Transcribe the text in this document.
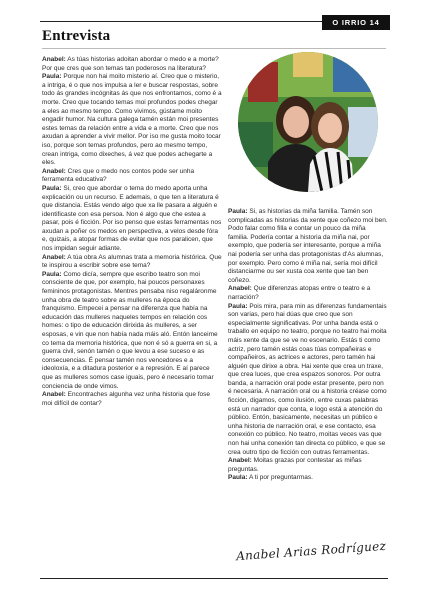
O IRRIO 14
Entrevista

Anabel: As túas historias adoitan abordar o medo e a morte? Por que cres que son temas tan poderosos na literatura?

Paula: Porque non hai moito misterio aí. Creo que o misterio, a intriga, é o que nos impulsa a ler e buscar respostas, sobre todo ás grandes incógnitas ás que nos enfrontamos, como é a morte. Creo que tocando temas moi profundos podes chegar a eles ao mesmo tempo. Como vivimos, gústame moito engadir humor. Na cultura galega tamén están moi presentes estes temas da relación entre a vida e a morte. Creo que nos axudan a aprender a vivir mellor. Por iso me gusta moito tocar iso, porque son temas profundos, pero ao mesmo tempo, crean intriga, como dixeches, á vez que podes achegarte a eles.

Anabel: Cres que o medo nos contos pode ser unha ferramenta educativa?

Paula: Si, creo que abordar o tema do medo aporta unha explicación ou un recurso. E ademais, o que ten a literatura é que distancia. Estás vendo algo que xa lle pasara a alguén e identificaste con esa persoa. Non é algo que che estea a pasar, pois é ficción. Por iso penso que estas ferramentas nos axudan a poñer os medos en perspectiva, a velos desde fóra e, quizais, a atopar formas de evitar que nos paralicen, que nos impidan seguir adiante.

Anabel: A túa obra As alumnas trata a memoria histórica. Que te inspirou a escribir sobre ese tema?

Paula: Como dicía, sempre que escribo teatro son moi consciente de que, por exemplo, hai poucos personaxes femininos protagonistas. Mentres pensaba niso regaláronme unha obra de teatro sobre as mulleres na época do franquismo. Empecei a pensar na diferenza que había na educación das mulleres naqueles tempos en relación cos homes: o tipo de educación dirixida ás mulleres, a ser esposas, e vin que non había nada máis aló. Entón lanceime co tema da memoria histórica, que non é só a guerra en si, a guerra civil, senón tamén o que levou a ese suceso e as consecuencias. É pensar tamén nos vencedores e a ideoloxía, e a ditadura posterior e a represión. E aí parece que as mulleres somos case iguais, pero é necesario tomar conciencia de onde vimos.

Anabel: Encontraches algunha vez unha historia que fose moi difícil de contar?

Paula: Si, as historias da miña familia. Tamén son complicadas as historias da xente que coñezo moi ben. Podo falar como filla e contar un pouco da miña familia. Podería contar a historia da miña nai, por exemplo, que podería ser interesante, porque a miña nai podería ser unha das protagonistas d'As alumnas, por exemplo. Pero como é miña nai, sería moi difícil distanciarme ou ser xusta coa xente que tan ben coñezo.

Anabel: Que diferenzas atopas entre o teatro e a narración?

Paula: Pois mira, para min as diferenzas fundamentais son varias, pero hai dúas que creo que son especialmente significativas. Por unha banda está o traballo en equipo no teatro, porque no teatro hai moita máis xente da que se ve no escenario. Estás ti como actriz, pero tamén estás coas túas compañeiras e compañeiros, as actrices e actores, pero tamén hai alguén que dirixe a obra. Hai xente que crea un traxe, que crea luces, que crea espazos sonoros. Por outra banda, a narración oral pode estar presente, pero non é necesaria. A narración oral ou a historia créase como ficción, digamos, como ilusión, entre cuxas palabras está un narrador que conta, e logo está a atención do público. Entón, basicamente, necesitas un público e unha historia de narración oral, e ese contacto, esa conexión co público. No teatro, moitas veces vas que non hai unha conexión tan directa co público, e que se crea outro tipo de ficción con outras ferramentas.

Anabel: Moitas grazas por contestar as miñas preguntas.

Paula: A ti por preguntarmas.

Anabel Arias Rodríguez
